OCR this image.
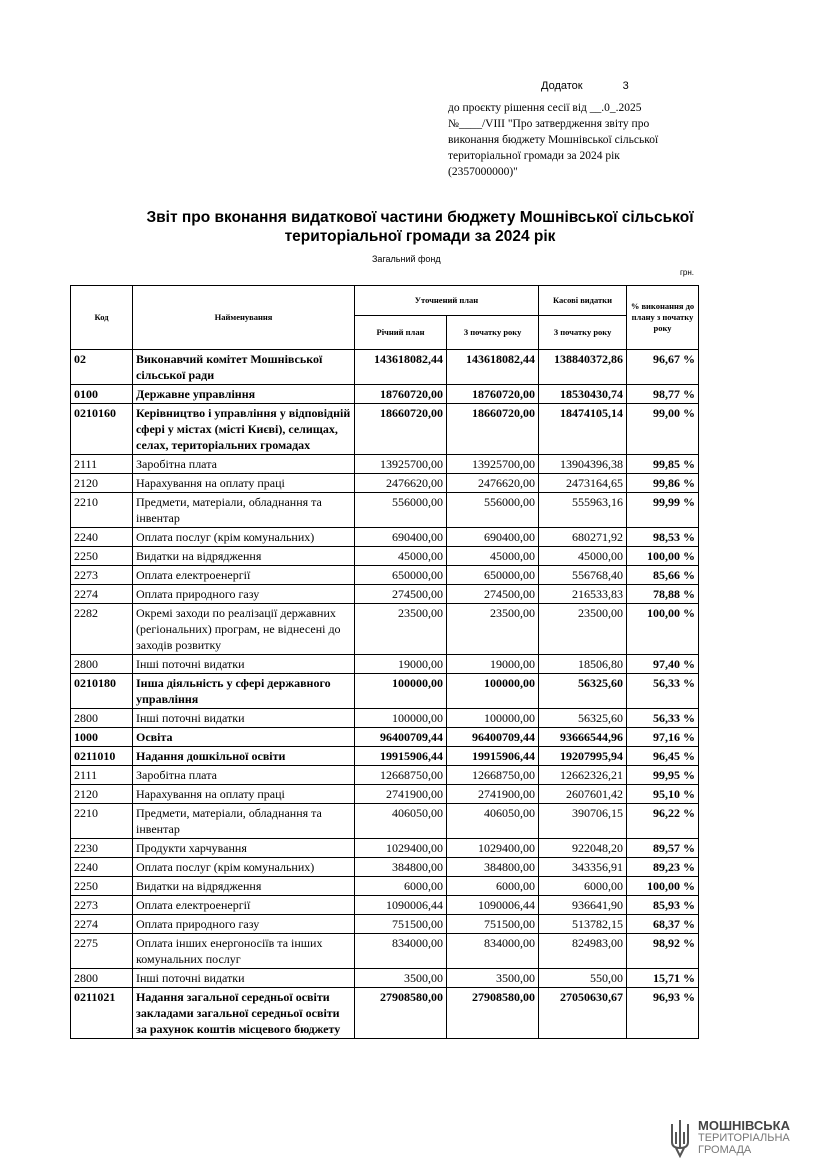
Додаток	3
до проєкту рішення сесії від __.0_.2025
№____/VIII "Про затвердження звіту про
виконання бюджету Мошнівської сільської
територіальної громади за 2024 рік
(2357000000)"
Звіт про вконання видаткової частини бюджету Мошнівської сільської
територіальної громади за 2024 рік
Загальний фонд
грн.
Код	Найменування	Уточнений план		Касові видатки	% виконання до плану з початку року
		Річний план	З початку року	З початку року	
02	Виконавчий комітет Мошнівської сільської ради	143618082,44	143618082,44	138840372,86	96,67 %
0100	Державне управління	18760720,00	18760720,00	18530430,74	98,77 %
0210160	Керівництво і управління у відповідній сфері у містах (місті Києві), селищах, селах, територіальних громадах	18660720,00	18660720,00	18474105,14	99,00 %
2111	Заробітна плата	13925700,00	13925700,00	13904396,38	99,85 %
2120	Нарахування на оплату праці	2476620,00	2476620,00	2473164,65	99,86 %
2210	Предмети, матеріали, обладнання та інвентар	556000,00	556000,00	555963,16	99,99 %
2240	Оплата послуг (крім комунальних)	690400,00	690400,00	680271,92	98,53 %
2250	Видатки на відрядження	45000,00	45000,00	45000,00	100,00 %
2273	Оплата електроенергії	650000,00	650000,00	556768,40	85,66 %
2274	Оплата природного газу	274500,00	274500,00	216533,83	78,88 %
2282	Окремі заходи по реалізації державних (регіональних) програм, не віднесені до заходів розвитку	23500,00	23500,00	23500,00	100,00 %
2800	Інші поточні видатки	19000,00	19000,00	18506,80	97,40 %
0210180	Інша діяльність у сфері державного управління	100000,00	100000,00	56325,60	56,33 %
2800	Інші поточні видатки	100000,00	100000,00	56325,60	56,33 %
1000	Освіта	96400709,44	96400709,44	93666544,96	97,16 %
0211010	Надання дошкільної освіти	19915906,44	19915906,44	19207995,94	96,45 %
2111	Заробітна плата	12668750,00	12668750,00	12662326,21	99,95 %
2120	Нарахування на оплату праці	2741900,00	2741900,00	2607601,42	95,10 %
2210	Предмети, матеріали, обладнання та інвентар	406050,00	406050,00	390706,15	96,22 %
2230	Продукти харчування	1029400,00	1029400,00	922048,20	89,57 %
2240	Оплата послуг (крім комунальних)	384800,00	384800,00	343356,91	89,23 %
2250	Видатки на відрядження	6000,00	6000,00	6000,00	100,00 %
2273	Оплата електроенергії	1090006,44	1090006,44	936641,90	85,93 %
2274	Оплата природного газу	751500,00	751500,00	513782,15	68,37 %
2275	Оплата інших енергоносіїв та інших комунальних послуг	834000,00	834000,00	824983,00	98,92 %
2800	Інші поточні видатки	3500,00	3500,00	550,00	15,71 %
0211021	Надання загальної середньої освіти закладами загальної середньої освіти за рахунок коштів місцевого бюджету	27908580,00	27908580,00	27050630,67	96,93 %
МОШНІВСЬКА
ТЕРИТОРІАЛЬНА
ГРОМАДА
